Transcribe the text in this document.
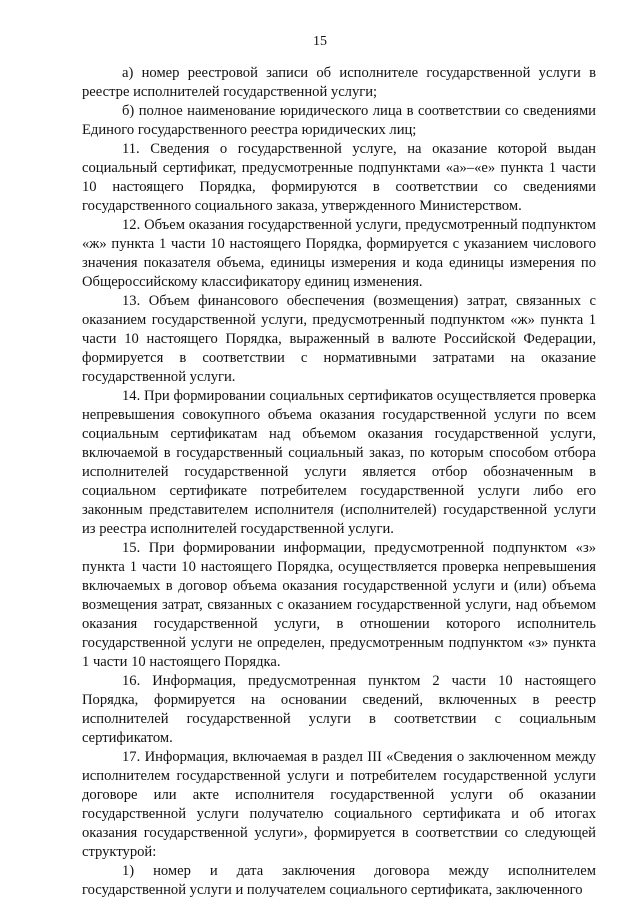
15

а) номер реестровой записи об исполнителе государственной услуги в реестре исполнителей государственной услуги;

б) полное наименование юридического лица в соответствии со сведениями Единого государственного реестра юридических лиц;

11. Сведения о государственной услуге, на оказание которой выдан социальный сертификат, предусмотренные подпунктами «а»–«е» пункта 1 части 10 настоящего Порядка, формируются в соответствии со сведениями государственного социального заказа, утвержденного Министерством.

12. Объем оказания государственной услуги, предусмотренный подпунктом «ж» пункта 1 части 10 настоящего Порядка, формируется с указанием числового значения показателя объема, единицы измерения и кода единицы измерения по Общероссийскому классификатору единиц изменения.

13. Объем финансового обеспечения (возмещения) затрат, связанных с оказанием государственной услуги, предусмотренный подпунктом «ж» пункта 1 части 10 настоящего Порядка, выраженный в валюте Российской Федерации, формируется в соответствии с нормативными затратами на оказание государственной услуги.

14. При формировании социальных сертификатов осуществляется проверка непревышения совокупного объема оказания государственной услуги по всем социальным сертификатам над объемом оказания государственной услуги, включаемой в государственный социальный заказ, по которым способом отбора исполнителей государственной услуги является отбор обозначенным в социальном сертификате потребителем государственной услуги либо его законным представителем исполнителя (исполнителей) государственной услуги из реестра исполнителей государственной услуги.

15. При формировании информации, предусмотренной подпунктом «з» пункта 1 части 10 настоящего Порядка, осуществляется проверка непревышения включаемых в договор объема оказания государственной услуги и (или) объема возмещения затрат, связанных с оказанием государственной услуги, над объемом оказания государственной услуги, в отношении которого исполнитель государственной услуги не определен, предусмотренным подпунктом «з» пункта 1 части 10 настоящего Порядка.

16. Информация, предусмотренная пунктом 2 части 10 настоящего Порядка, формируется на основании сведений, включенных в реестр исполнителей государственной услуги в соответствии с социальным сертификатом.

17. Информация, включаемая в раздел III «Сведения о заключенном между исполнителем государственной услуги и потребителем государственной услуги договоре или акте исполнителя государственной услуги об оказании государственной услуги получателю социального сертификата и об итогах оказания государственной услуги», формируется в соответствии со следующей структурой:

1) номер и дата заключения договора между исполнителем государственной услуги и получателем социального сертификата, заключенного
